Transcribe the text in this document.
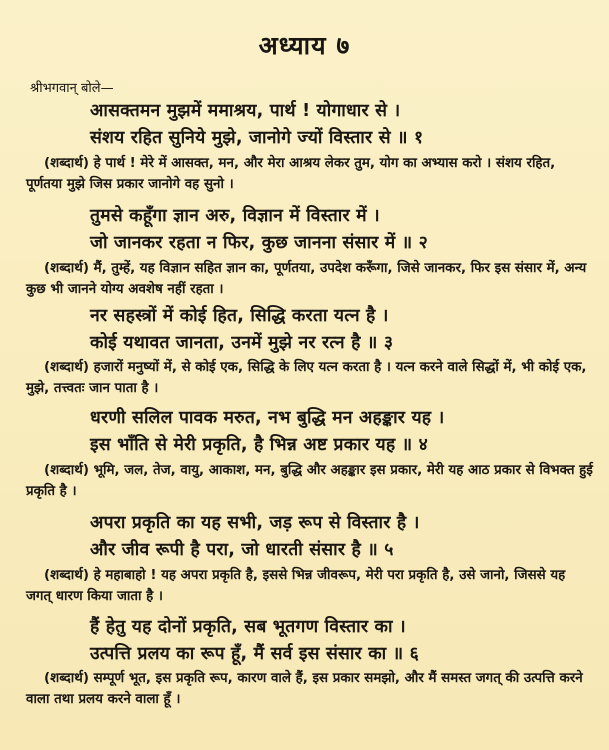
अध्याय ७
श्रीभगवान् बोले—
आसक्तमन मुझमें ममाश्रय, पार्थ ! योगाधार से ।
संशय रहित सुनिये मुझे, जानोगे ज्यों विस्तार से ॥ १
(शब्दार्थ) हे पार्थ ! मेरे में आसक्त, मन, और मेरा आश्रय लेकर तुम, योग का अभ्यास करो । संशय रहित, पूर्णतया मुझे जिस प्रकार जानोगे वह सुनो ।
तुमसे कहूँगा ज्ञान अरु, विज्ञान में विस्तार में ।
जो जानकर रहता न फिर, कुछ जानना संसार में ॥ २
(शब्दार्थ) मैं, तुम्हें, यह विज्ञान सहित ज्ञान का, पूर्णतया, उपदेश करूँगा, जिसे जानकर, फिर इस संसार में, अन्य कुछ भी जानने योग्य अवशेष नहीं रहता ।
नर सहस्त्रों में कोई हित, सिद्धि करता यत्न है ।
कोई यथावत जानता, उनमें मुझे नर रत्न है ॥ ३
(शब्दार्थ) हजारों मनुष्यों में, से कोई एक, सिद्धि के लिए यत्न करता है । यत्न करने वाले सिद्धों में, भी कोई एक, मुझे, तत्त्वतः जान पाता है ।
धरणी सलिल पावक मरुत, नभ बुद्धि मन अहङ्कार यह ।
इस भाँति से मेरी प्रकृति, है भिन्न अष्ट प्रकार यह ॥ ४
(शब्दार्थ) भूमि, जल, तेज, वायु, आकाश, मन, बुद्धि और अहङ्कार इस प्रकार, मेरी यह आठ प्रकार से विभक्त हुई प्रकृति है ।
अपरा प्रकृति का यह सभी, जड़ रूप से विस्तार है ।
और जीव रूपी है परा, जो धारती संसार है ॥ ५
(शब्दार्थ) हे महाबाहो ! यह अपरा प्रकृति है, इससे भिन्न जीवरूप, मेरी परा प्रकृति है, उसे जानो, जिससे यह जगत् धारण किया जाता है ।
हैं हेतु यह दोनों प्रकृति, सब भूतगण विस्तार का ।
उत्पत्ति प्रलय का रूप हूँ, मैं सर्व इस संसार का ॥ ६
(शब्दार्थ) सम्पूर्ण भूत, इस प्रकृति रूप, कारण वाले हैं, इस प्रकार समझो, और मैं समस्त जगत् की उत्पत्ति करने वाला तथा प्रलय करने वाला हूँ ।
